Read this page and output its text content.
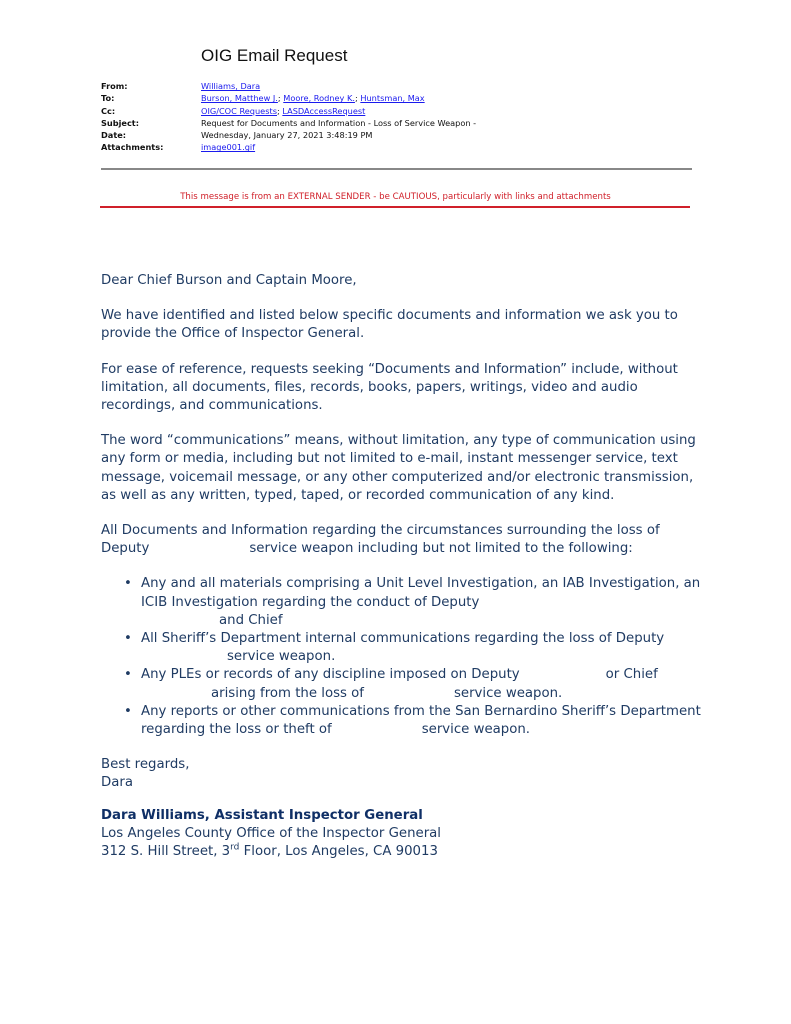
OIG Email Request
From:	Williams, Dara
To:	Burson, Matthew J.; Moore, Rodney K.; Huntsman, Max
Cc:	OIG/COC Requests; LASDAccessRequest
Subject:	Request for Documents and Information - Loss of Service Weapon -
Date:	Wednesday, January 27, 2021 3:48:19 PM
Attachments:	image001.gif
This message is from an EXTERNAL SENDER - be CAUTIOUS, particularly with links and attachments

Dear Chief Burson and Captain Moore,

We have identified and listed below specific documents and information we ask you to provide the Office of Inspector General.

For ease of reference, requests seeking “Documents and Information” include, without limitation, all documents, files, records, books, papers, writings, video and audio recordings, and communications.

The word “communications” means, without limitation, any type of communication using any form or media, including but not limited to e-mail, instant messenger service, text message, voicemail message, or any other computerized and/or electronic transmission, as well as any written, typed, taped, or recorded communication of any kind.

All Documents and Information regarding the circumstances surrounding the loss of Deputy	service weapon including but not limited to the following:

• Any and all materials comprising a Unit Level Investigation, an IAB Investigation, an ICIB Investigation regarding the conduct of Deputy
and Chief
• All Sheriff’s Department internal communications regarding the loss of Deputyservice weapon.
• Any PLEs or records of any discipline imposed on Deputy	or Chiefarising from the loss of	service weapon.
• Any reports or other communications from the San Bernardino Sheriff’s Department regarding the loss or theft of	service weapon.
Best regards,
Dara
Dara Williams, Assistant Inspector General
Los Angeles County Office of the Inspector General
312 S. Hill Street, 3rd Floor, Los Angeles, CA 90013
